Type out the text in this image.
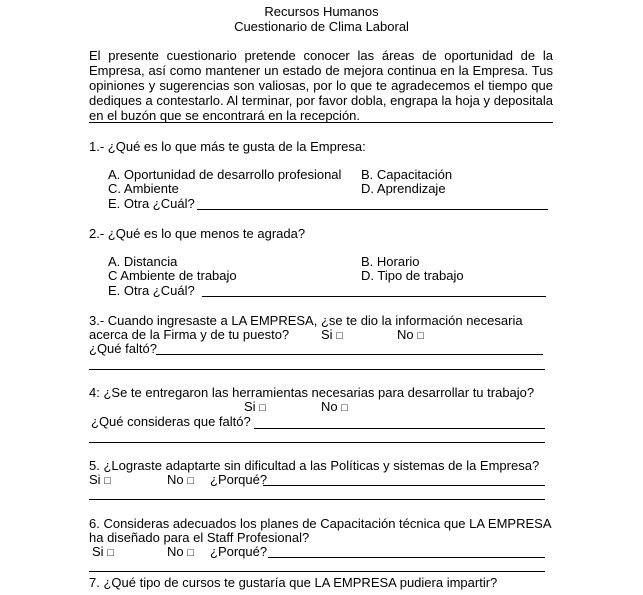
Recursos Humanos
Cuestionario de Clima Laboral
El presente cuestionario pretende conocer las áreas de oportunidad de la
Empresa, así como mantener un estado de mejora continua en la Empresa. Tus
opiniones y sugerencias son valiosas, por lo que te agradecemos el tiempo que
dediques a contestarlo. Al terminar, por favor dobla, engrapa la hoja y depositala
en el buzón que se encontrará en la recepción.
1.- ¿Qué es lo que más te gusta de la Empresa:
A. Oportunidad de desarrollo profesional B. Capacitación
C. Ambiente	D. Aprendizaje
E. Otra ¿Cuál?
2.- ¿Qué es lo que menos te agrada?
A. Distancia	B. Horario
C Ambiente de trabajo	D. Tipo de trabajo
E. Otra ¿Cuál?
3.- Cuando ingresaste a LA EMPRESA, ¿se te dio la información necesaria
acerca de la Firma y de tu puesto? Si □	No □
¿Qué faltó?
4: ¿Se te entregaron las herramientas necesarias para desarrollar tu trabajo?
Si □	No □
¿Qué consideras que faltó?
5. ¿Lograste adaptarte sin dificultad a las Políticas y sistemas de la Empresa?
Si □	No □ ¿Porqué?
6. Consideras adecuados los planes de Capacitación técnica que LA EMPRESA
ha diseñado para el Staff Profesional?
Si □	No □ ¿Porqué?
7. ¿Qué tipo de cursos te gustaría que LA EMPRESA pudiera impartir?
